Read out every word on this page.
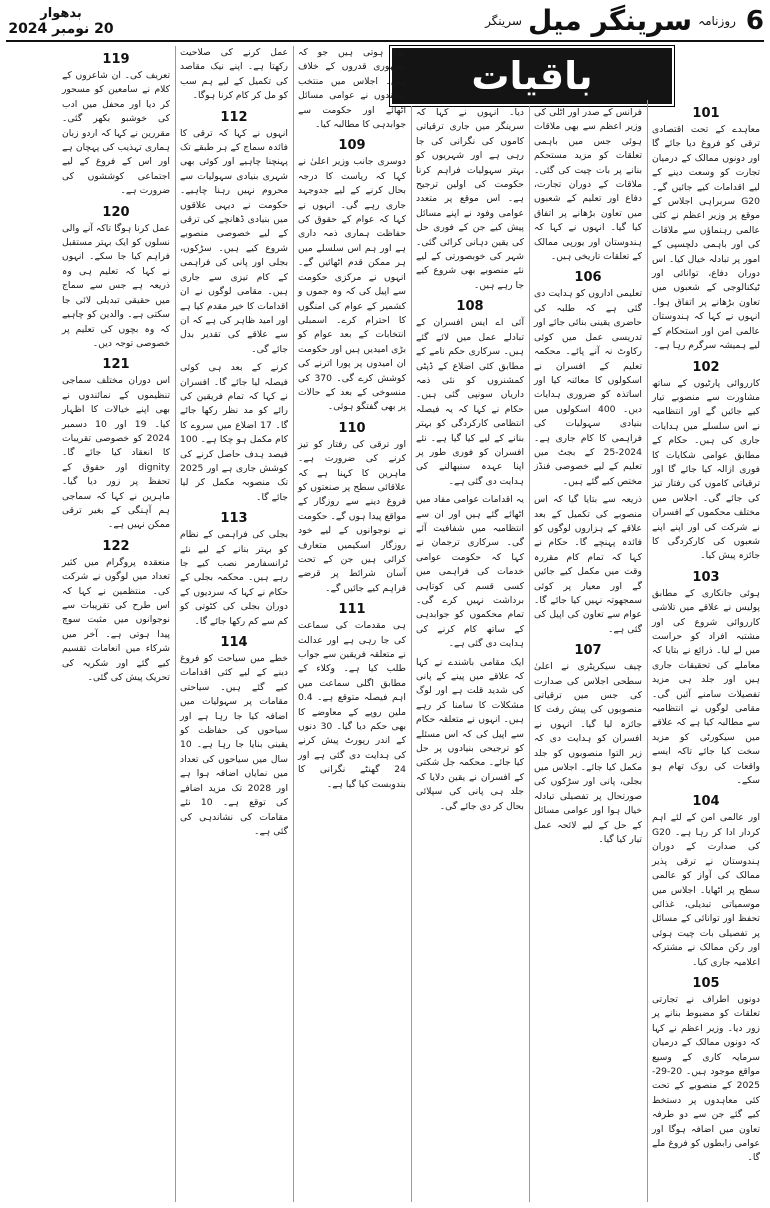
6
روزنامہ
سرینگر میل
سرینگر
بدھوار
20 نومبر 2024
باقیات
101

معاہدے کے تحت اقتصادی ترقی کو فروغ دیا جائے گا اور دونوں ممالک کے درمیان تجارت کو وسعت دینے کے لیے اقدامات کیے جائیں گے۔ G20 سربراہی اجلاس کے موقع پر وزیر اعظم نے کئی عالمی رہنماؤں سے ملاقات کی اور باہمی دلچسپی کے امور پر تبادلہ خیال کیا۔ اس دوران دفاع، توانائی اور ٹیکنالوجی کے شعبوں میں تعاون بڑھانے پر اتفاق ہوا۔ انہوں نے کہا کہ ہندوستان عالمی امن اور استحکام کے لیے ہمیشہ سرگرم رہا ہے۔

102

کارروائی پارٹیوں کے ساتھ مشاورت سے منصوبے تیار کیے جائیں گے اور انتظامیہ نے اس سلسلے میں ہدایات جاری کی ہیں۔ حکام کے مطابق عوامی شکایات کا فوری ازالہ کیا جائے گا اور ترقیاتی کاموں کی رفتار تیز کی جائے گی۔ اجلاس میں مختلف محکموں کے افسران نے شرکت کی اور اپنے اپنے شعبوں کی کارکردگی کا جائزہ پیش کیا۔

103

ہوئی جانکاری کے مطابق پولیس نے علاقے میں تلاشی کارروائی شروع کی اور مشتبہ افراد کو حراست میں لے لیا۔ ذرائع نے بتایا کہ معاملے کی تحقیقات جاری ہیں اور جلد ہی مزید تفصیلات سامنے آئیں گی۔ مقامی لوگوں نے انتظامیہ سے مطالبہ کیا ہے کہ علاقے میں سیکورٹی کو مزید سخت کیا جائے تاکہ ایسے واقعات کی روک تھام ہو سکے۔

104

اور عالمی امن کے لئے اہم کردار ادا کر رہا ہے۔ G20 کی صدارت کے دوران ہندوستان نے ترقی پذیر ممالک کی آواز کو عالمی سطح پر اٹھایا۔ اجلاس میں موسمیاتی تبدیلی، غذائی تحفظ اور توانائی کے مسائل پر تفصیلی بات چیت ہوئی اور رکن ممالک نے مشترکہ اعلامیہ جاری کیا۔

105

دونوں اطراف نے تجارتی تعلقات کو مضبوط بنانے پر زور دیا۔ وزیر اعظم نے کہا کہ دونوں ممالک کے درمیان سرمایہ کاری کے وسیع مواقع موجود ہیں۔ 20-29-2025 کے منصوبے کے تحت کئی معاہدوں پر دستخط کیے گئے جن سے دو طرفہ تعاون میں اضافہ ہوگا اور عوامی رابطوں کو فروغ ملے گا۔

فرانس کے صدر اور اٹلی کی وزیر اعظم سے بھی ملاقات ہوئی جس میں باہمی تعلقات کو مزید مستحکم بنانے پر بات چیت کی گئی۔ ملاقات کے دوران تجارت، دفاع اور تعلیم کے شعبوں میں تعاون بڑھانے پر اتفاق کیا گیا۔ انہوں نے کہا کہ ہندوستان اور یورپی ممالک کے تعلقات تاریخی ہیں۔

106

تعلیمی اداروں کو ہدایت دی گئی ہے کہ طلبہ کی حاضری یقینی بنائی جائے اور تدریسی عمل میں کوئی رکاوٹ نہ آنے پائے۔ محکمہ تعلیم کے افسران نے اسکولوں کا معائنہ کیا اور اساتذہ کو ضروری ہدایات دیں۔ 400 اسکولوں میں بنیادی سہولیات کی فراہمی کا کام جاری ہے۔ 2024-25 کے بجٹ میں تعلیم کے لیے خصوصی فنڈز مختص کیے گئے ہیں۔

ذریعہ سے بتایا گیا کہ اس منصوبے کی تکمیل کے بعد علاقے کے ہزاروں لوگوں کو فائدہ پہنچے گا۔ حکام نے کہا کہ تمام کام مقررہ وقت میں مکمل کیے جائیں گے اور معیار پر کوئی سمجھوتہ نہیں کیا جائے گا۔ عوام سے تعاون کی اپیل کی گئی ہے۔

107

چیف سیکریٹری نے اعلیٰ سطحی اجلاس کی صدارت کی جس میں ترقیاتی منصوبوں کی پیش رفت کا جائزہ لیا گیا۔ انہوں نے افسران کو ہدایت دی کہ زیر التوا منصوبوں کو جلد مکمل کیا جائے۔ اجلاس میں بجلی، پانی اور سڑکوں کی صورتحال پر تفصیلی تبادلہ خیال ہوا اور عوامی مسائل کے حل کے لیے لائحہ عمل تیار کیا گیا۔

دیا۔ انہوں نے کہا کہ سرینگر میں جاری ترقیاتی کاموں کی نگرانی کی جا رہی ہے اور شہریوں کو بہتر سہولیات فراہم کرنا حکومت کی اولین ترجیح ہے۔ اس موقع پر متعدد عوامی وفود نے اپنے مسائل پیش کیے جن کے فوری حل کی یقین دہانی کرائی گئی۔ شہر کی خوبصورتی کے لیے نئے منصوبے بھی شروع کیے جا رہے ہیں۔

108

آئی اے ایس افسران کے تبادلے عمل میں لائے گئے ہیں۔ سرکاری حکم نامے کے مطابق کئی اضلاع کے ڈپٹی کمشنروں کو نئی ذمہ داریاں سونپی گئی ہیں۔ حکام نے کہا کہ یہ فیصلہ انتظامی کارکردگی کو بہتر بنانے کے لیے کیا گیا ہے۔ نئے افسران کو فوری طور پر اپنا عہدہ سنبھالنے کی ہدایت دی گئی ہے۔

یہ اقدامات عوامی مفاد میں اٹھائے گئے ہیں اور ان سے انتظامیہ میں شفافیت آئے گی۔ سرکاری ترجمان نے کہا کہ حکومت عوامی خدمات کی فراہمی میں کسی قسم کی کوتاہی برداشت نہیں کرے گی۔ تمام محکموں کو جوابدہی کے ساتھ کام کرنے کی ہدایت دی گئی ہے۔

ایک مقامی باشندے نے کہا کہ علاقے میں پینے کے پانی کی شدید قلت ہے اور لوگ مشکلات کا سامنا کر رہے ہیں۔ انہوں نے متعلقہ حکام سے اپیل کی کہ اس مسئلے کو ترجیحی بنیادوں پر حل کیا جائے۔ محکمہ جل شکتی کے افسران نے یقین دلایا کہ جلد ہی پانی کی سپلائی بحال کر دی جائے گی۔

پیدا ہوتی ہیں جو کہ جمہوری قدروں کے خلاف ہیں۔ اجلاس میں منتخب نمائندوں نے عوامی مسائل اٹھائے اور حکومت سے جوابدہی کا مطالبہ کیا۔

109

دوسری جانب وزیر اعلیٰ نے کہا کہ ریاست کا درجہ بحال کرنے کے لیے جدوجہد جاری رہے گی۔ انہوں نے کہا کہ عوام کے حقوق کی حفاظت ہماری ذمہ داری ہے اور ہم اس سلسلے میں ہر ممکن قدم اٹھائیں گے۔ انہوں نے مرکزی حکومت سے اپیل کی کہ وہ جموں و کشمیر کے عوام کی امنگوں کا احترام کرے۔ اسمبلی انتخابات کے بعد عوام کو بڑی امیدیں ہیں اور حکومت ان امیدوں پر پورا اترنے کی کوشش کرے گی۔ 370 کی منسوخی کے بعد کے حالات پر بھی گفتگو ہوئی۔

110

اور ترقی کی رفتار کو تیز کرنے کی ضرورت ہے۔ ماہرین کا کہنا ہے کہ علاقائی سطح پر صنعتوں کو فروغ دینے سے روزگار کے مواقع پیدا ہوں گے۔ حکومت نے نوجوانوں کے لیے خود روزگار اسکیمیں متعارف کرائی ہیں جن کے تحت آسان شرائط پر قرضے فراہم کیے جائیں گے۔

111

ہی مقدمات کی سماعت کی جا رہی ہے اور عدالت نے متعلقہ فریقین سے جواب طلب کیا ہے۔ وکلاء کے مطابق اگلی سماعت میں اہم فیصلہ متوقع ہے۔ 0.4 ملین روپے کے معاوضے کا بھی حکم دیا گیا۔ 30 دنوں کے اندر رپورٹ پیش کرنے کی ہدایت دی گئی ہے اور 24 گھنٹے نگرانی کا بندوبست کیا گیا ہے۔

عمل کرنے کی صلاحیت رکھتا ہے۔ اپنے نیک مقاصد کی تکمیل کے لیے ہم سب کو مل کر کام کرنا ہوگا۔

112

انہوں نے کہا کہ ترقی کا فائدہ سماج کے ہر طبقے تک پہنچنا چاہیے اور کوئی بھی شہری بنیادی سہولیات سے محروم نہیں رہنا چاہیے۔ حکومت نے دیہی علاقوں میں بنیادی ڈھانچے کی ترقی کے لیے خصوصی منصوبے شروع کیے ہیں۔ سڑکوں، بجلی اور پانی کی فراہمی کے کام تیزی سے جاری ہیں۔ مقامی لوگوں نے ان اقدامات کا خیر مقدم کیا ہے اور امید ظاہر کی ہے کہ ان سے علاقے کی تقدیر بدل جائے گی۔

کرنے کے بعد ہی کوئی فیصلہ لیا جائے گا۔ افسران نے کہا کہ تمام فریقین کی رائے کو مد نظر رکھا جائے گا۔ 17 اضلاع میں سروے کا کام مکمل ہو چکا ہے۔ 100 فیصد ہدف حاصل کرنے کی کوشش جاری ہے اور 2025 تک منصوبہ مکمل کر لیا جائے گا۔

113

بجلی کی فراہمی کے نظام کو بہتر بنانے کے لیے نئے ٹرانسفارمر نصب کیے جا رہے ہیں۔ محکمہ بجلی کے حکام نے کہا کہ سردیوں کے دوران بجلی کی کٹوتی کو کم سے کم رکھا جائے گا۔

114

خطے میں سیاحت کو فروغ دینے کے لیے کئی اقدامات کیے گئے ہیں۔ سیاحتی مقامات پر سہولیات میں اضافہ کیا جا رہا ہے اور سیاحوں کی حفاظت کو یقینی بنایا جا رہا ہے۔ 10 سال میں سیاحوں کی تعداد میں نمایاں اضافہ ہوا ہے اور 2028 تک مزید اضافے کی توقع ہے۔ 10 نئے مقامات کی نشاندہی کی گئی ہے۔

119

تعریف کی۔ ان شاعروں کے کلام نے سامعین کو مسحور کر دیا اور محفل میں ادب کی خوشبو بکھر گئی۔ مقررین نے کہا کہ اردو زبان ہماری تہذیب کی پہچان ہے اور اس کے فروغ کے لیے اجتماعی کوششوں کی ضرورت ہے۔

120

عمل کرنا ہوگا تاکہ آنے والی نسلوں کو ایک بہتر مستقبل فراہم کیا جا سکے۔ انہوں نے کہا کہ تعلیم ہی وہ ذریعہ ہے جس سے سماج میں حقیقی تبدیلی لائی جا سکتی ہے۔ والدین کو چاہیے کہ وہ بچوں کی تعلیم پر خصوصی توجہ دیں۔

121

اس دوران مختلف سماجی تنظیموں کے نمائندوں نے بھی اپنے خیالات کا اظہار کیا۔ 19 اور 10 دسمبر 2024 کو خصوصی تقریبات کا انعقاد کیا جائے گا۔ dignity اور حقوق کے تحفظ پر زور دیا گیا۔ ماہرین نے کہا کہ سماجی ہم آہنگی کے بغیر ترقی ممکن نہیں ہے۔

122

منعقدہ پروگرام میں کثیر تعداد میں لوگوں نے شرکت کی۔ منتظمین نے کہا کہ اس طرح کی تقریبات سے نوجوانوں میں مثبت سوچ پیدا ہوتی ہے۔ آخر میں شرکاء میں انعامات تقسیم کیے گئے اور شکریہ کی تحریک پیش کی گئی۔
